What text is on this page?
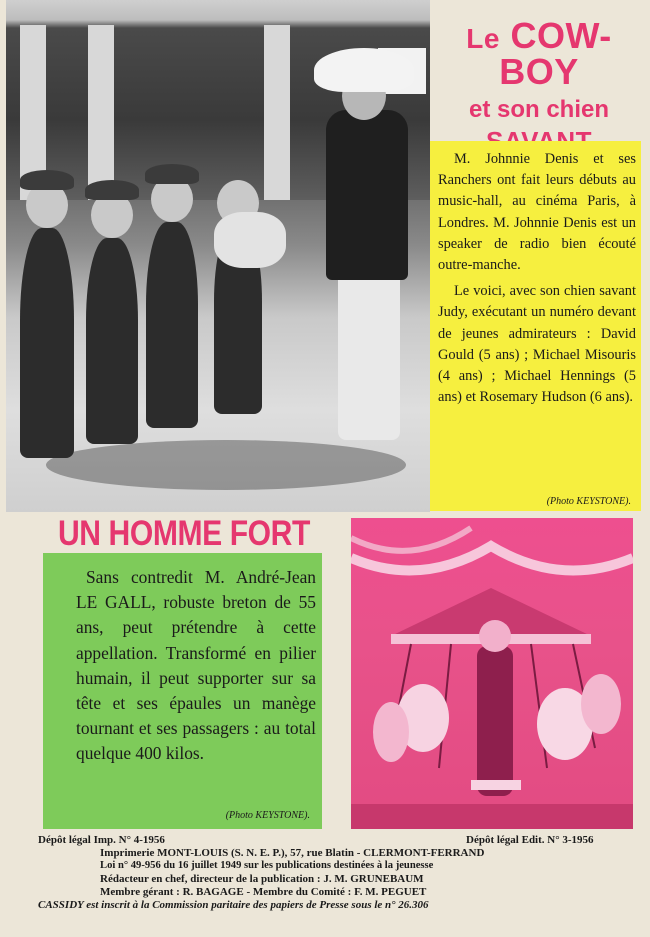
Le COW-BOY
et son chien

M. Johnnie Denis et ses Ranchers ont fait leurs débuts au music-hall, au cinéma Paris, à Londres. M. Johnnie Denis est un speaker de radio bien écouté outre-manche.

Le voici, avec son chien savant Judy, exécutant un numéro devant de jeunes admirateurs : David Gould (5 ans) ; Michael Misouris (4 ans) ; Michael Hennings (5 ans) et Rosemary Hudson (6 ans).

(Photo KEYSTONE).
UN HOMME FORT
Sans contredit M. André-Jean LE GALL, robuste breton de 55 ans, peut prétendre à cette appellation. Transformé en pilier humain, il peut supporter sur sa tête et ses épaules un manège tournant et ses passagers : au total quelque 400 kilos.
(Photo KEYSTONE).
Dépôt légal Imp. N° 4-1956	Dépôt légal Edit. N° 3-1956
Imprimerie MONT-LOUIS (S. N. E. P.), 57, rue Blatin - CLERMONT-FERRAND
Loi n° 49-956 du 16 juillet 1949 sur les publications destinées à la jeunesse
Rédacteur en chef, directeur de la publication : J. M. GRUNEBAUM
Membre gérant : R. BAGAGE - Membre du Comité : F. M. PEGUET
CASSIDY est inscrit à la Commission paritaire des papiers de Presse sous le n° 26.306
